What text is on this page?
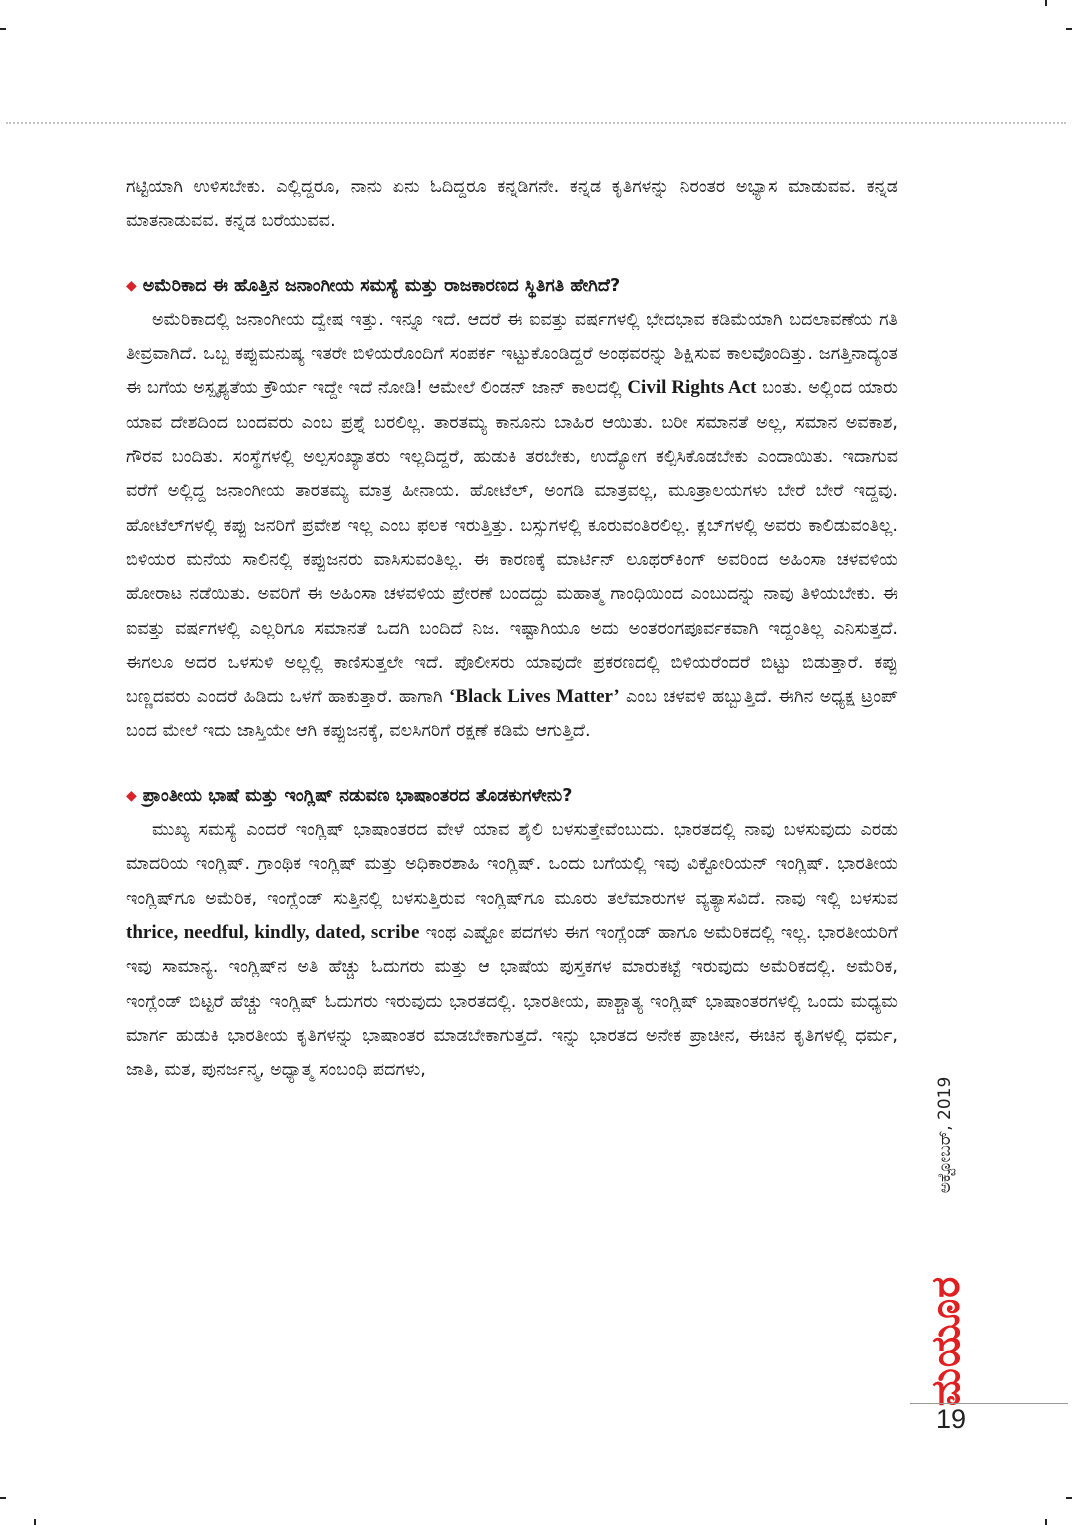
ಗಟ್ಟಿಯಾಗಿ ಉಳಿಸಬೇಕು. ಎಲ್ಲಿದ್ದರೂ, ನಾನು ಏನು ಓದಿದ್ದರೂ ಕನ್ನಡಿಗನೇ. ಕನ್ನಡ ಕೃತಿಗಳನ್ನು ನಿರಂತರ ಅಭ್ಯಾಸ ಮಾಡುವವ. ಕನ್ನಡ ಮಾತನಾಡುವವ. ಕನ್ನಡ ಬರೆಯುವವ.

◆ ಅಮೆರಿಕಾದ ಈ ಹೊತ್ತಿನ ಜನಾಂಗೀಯ ಸಮಸ್ಯೆ ಮತ್ತು ರಾಜಕಾರಣದ ಸ್ಥಿತಿಗತಿ ಹೇಗಿದೆ?

ಅಮೆರಿಕಾದಲ್ಲಿ ಜನಾಂಗೀಯ ದ್ವೇಷ ಇತ್ತು. ಇನ್ನೂ ಇದೆ. ಆದರೆ ಈ ಐವತ್ತು ವರ್ಷಗಳಲ್ಲಿ ಭೇದಭಾವ ಕಡಿಮೆಯಾಗಿ ಬದಲಾವಣೆಯ ಗತಿ ತೀವ್ರವಾಗಿದೆ. ಒಬ್ಬ ಕಪ್ಪುಮನುಷ್ಯ ಇತರೇ ಬಿಳಿಯರೊಂದಿಗೆ ಸಂಪರ್ಕ ಇಟ್ಟುಕೊಂಡಿದ್ದರೆ ಅಂಥವರನ್ನು ಶಿಕ್ಷಿಸುವ ಕಾಲವೊಂದಿತ್ತು. ಜಗತ್ತಿನಾದ್ಯಂತ ಈ ಬಗೆಯ ಅಸ್ಪೃಶ್ಯತೆಯ ಕ್ರೌರ್ಯ ಇದ್ದೇ ಇದೆ ನೋಡಿ! ಆಮೇಲೆ ಲಿಂಡನ್ ಜಾನ್ ಕಾಲದಲ್ಲಿ Civil Rights Act ಬಂತು. ಅಲ್ಲಿಂದ ಯಾರು ಯಾವ ದೇಶದಿಂದ ಬಂದವರು ಎಂಬ ಪ್ರಶ್ನೆ ಬರಲಿಲ್ಲ. ತಾರತಮ್ಯ ಕಾನೂನು ಬಾಹಿರ ಆಯಿತು. ಬರೀ ಸಮಾನತೆ ಅಲ್ಲ, ಸಮಾನ ಅವಕಾಶ, ಗೌರವ ಬಂದಿತು. ಸಂಸ್ಥೆಗಳಲ್ಲಿ ಅಲ್ಪಸಂಖ್ಯಾತರು ಇಲ್ಲದಿದ್ದರೆ, ಹುಡುಕಿ ತರಬೇಕು, ಉದ್ಯೋಗ ಕಲ್ಪಿಸಿಕೊಡಬೇಕು ಎಂದಾಯಿತು. ಇದಾಗುವ ವರೆಗೆ ಅಲ್ಲಿದ್ದ ಜನಾಂಗೀಯ ತಾರತಮ್ಯ ಮಾತ್ರ ಹೀನಾಯ. ಹೋಟೆಲ್, ಅಂಗಡಿ ಮಾತ್ರವಲ್ಲ, ಮೂತ್ರಾಲಯಗಳು ಬೇರೆ ಬೇರೆ ಇದ್ದವು. ಹೋಟೆಲ್‌ಗಳಲ್ಲಿ ಕಪ್ಪು ಜನರಿಗೆ ಪ್ರವೇಶ ಇಲ್ಲ ಎಂಬ ಫಲಕ ಇರುತ್ತಿತ್ತು. ಬಸ್ಸುಗಳಲ್ಲಿ ಕೂರುವಂತಿರಲಿಲ್ಲ. ಕ್ಲಬ್‌ಗಳಲ್ಲಿ ಅವರು ಕಾಲಿಡುವಂತಿಲ್ಲ. ಬಿಳಿಯರ ಮನೆಯ ಸಾಲಿನಲ್ಲಿ ಕಪ್ಪುಜನರು ವಾಸಿಸುವಂತಿಲ್ಲ. ಈ ಕಾರಣಕ್ಕೆ ಮಾರ್ಟಿನ್ ಲೂಥರ್‌ಕಿಂಗ್ ಅವರಿಂದ ಅಹಿಂಸಾ ಚಳವಳಿಯ ಹೋರಾಟ ನಡೆಯಿತು. ಅವರಿಗೆ ಈ ಅಹಿಂಸಾ ಚಳವಳಿಯ ಪ್ರೇರಣೆ ಬಂದದ್ದು ಮಹಾತ್ಮ ಗಾಂಧಿಯಿಂದ ಎಂಬುದನ್ನು ನಾವು ತಿಳಿಯಬೇಕು. ಈ ಐವತ್ತು ವರ್ಷಗಳಲ್ಲಿ ಎಲ್ಲರಿಗೂ ಸಮಾನತೆ ಒದಗಿ ಬಂದಿದೆ ನಿಜ. ಇಷ್ಟಾಗಿಯೂ ಅದು ಅಂತರಂಗಪೂರ್ವಕವಾಗಿ ಇದ್ದಂತಿಲ್ಲ ಎನಿಸುತ್ತದೆ. ಈಗಲೂ ಅದರ ಒಳಸುಳಿ ಅಲ್ಲಲ್ಲಿ ಕಾಣಿಸುತ್ತಲೇ ಇದೆ. ಪೊಲೀಸರು ಯಾವುದೇ ಪ್ರಕರಣದಲ್ಲಿ ಬಿಳಿಯರೆಂದರೆ ಬಿಟ್ಟು ಬಿಡುತ್ತಾರೆ. ಕಪ್ಪು ಬಣ್ಣದವರು ಎಂದರೆ ಹಿಡಿದು ಒಳಗೆ ಹಾಕುತ್ತಾರೆ. ಹಾಗಾಗಿ ‘Black Lives Matter’ ಎಂಬ ಚಳವಳಿ ಹಬ್ಬುತ್ತಿದೆ. ಈಗಿನ ಅಧ್ಯಕ್ಷ ಟ್ರಂಪ್ ಬಂದ ಮೇಲೆ ಇದು ಜಾಸ್ತಿಯೇ ಆಗಿ ಕಪ್ಪುಜನಕ್ಕೆ, ವಲಸಿಗರಿಗೆ ರಕ್ಷಣೆ ಕಡಿಮೆ ಆಗುತ್ತಿದೆ.

◆ ಪ್ರಾಂತೀಯ ಭಾಷೆ ಮತ್ತು ಇಂಗ್ಲಿಷ್ ನಡುವಣ ಭಾಷಾಂತರದ ತೊಡಕುಗಳೇನು?

ಮುಖ್ಯ ಸಮಸ್ಯೆ ಎಂದರೆ ಇಂಗ್ಲಿಷ್ ಭಾಷಾಂತರದ ವೇಳೆ ಯಾವ ಶೈಲಿ ಬಳಸುತ್ತೇವೆಂಬುದು. ಭಾರತದಲ್ಲಿ ನಾವು ಬಳಸುವುದು ಎರಡು ಮಾದರಿಯ ಇಂಗ್ಲಿಷ್. ಗ್ರಾಂಥಿಕ ಇಂಗ್ಲಿಷ್ ಮತ್ತು ಅಧಿಕಾರಶಾಹಿ ಇಂಗ್ಲಿಷ್. ಒಂದು ಬಗೆಯಲ್ಲಿ ಇವು ವಿಕ್ಟೋರಿಯನ್ ಇಂಗ್ಲಿಷ್. ಭಾರತೀಯ ಇಂಗ್ಲಿಷ್‌ಗೂ ಅಮೆರಿಕ, ಇಂಗ್ಲೆಂಡ್ ಸುತ್ತಿನಲ್ಲಿ ಬಳಸುತ್ತಿರುವ ಇಂಗ್ಲಿಷ್‌ಗೂ ಮೂರು ತಲೆಮಾರುಗಳ ವ್ಯತ್ಯಾಸವಿದೆ. ನಾವು ಇಲ್ಲಿ ಬಳಸುವ thrice, needful, kindly, dated, scribe ಇಂಥ ಎಷ್ಟೋ ಪದಗಳು ಈಗ ಇಂಗ್ಲೆಂಡ್ ಹಾಗೂ ಅಮೆರಿಕದಲ್ಲಿ ಇಲ್ಲ. ಭಾರತೀಯರಿಗೆ ಇವು ಸಾಮಾನ್ಯ. ಇಂಗ್ಲಿಷ್‌ನ ಅತಿ ಹೆಚ್ಚು ಓದುಗರು ಮತ್ತು ಆ ಭಾಷೆಯ ಪುಸ್ತಕಗಳ ಮಾರುಕಟ್ಟೆ ಇರುವುದು ಅಮೆರಿಕದಲ್ಲಿ. ಅಮೆರಿಕ, ಇಂಗ್ಲೆಂಡ್ ಬಿಟ್ಟರೆ ಹೆಚ್ಚು ಇಂಗ್ಲಿಷ್ ಓದುಗರು ಇರುವುದು ಭಾರತದಲ್ಲಿ. ಭಾರತೀಯ, ಪಾಶ್ಚಾತ್ಯ ಇಂಗ್ಲಿಷ್ ಭಾಷಾಂತರಗಳಲ್ಲಿ ಒಂದು ಮಧ್ಯಮ ಮಾರ್ಗ ಹುಡುಕಿ ಭಾರತೀಯ ಕೃತಿಗಳನ್ನು ಭಾಷಾಂತರ ಮಾಡಬೇಕಾಗುತ್ತದೆ. ಇನ್ನು ಭಾರತದ ಅನೇಕ ಪ್ರಾಚೀನ, ಈಚಿನ ಕೃತಿಗಳಲ್ಲಿ ಧರ್ಮ, ಜಾತಿ, ಮತ, ಪುನರ್ಜನ್ಮ, ಅಧ್ಯಾತ್ಮ ಸಂಬಂಧಿ ಪದಗಳು,

ಅಕ್ಟೋಬರ್, 2019
ಮಯೂರ
19
